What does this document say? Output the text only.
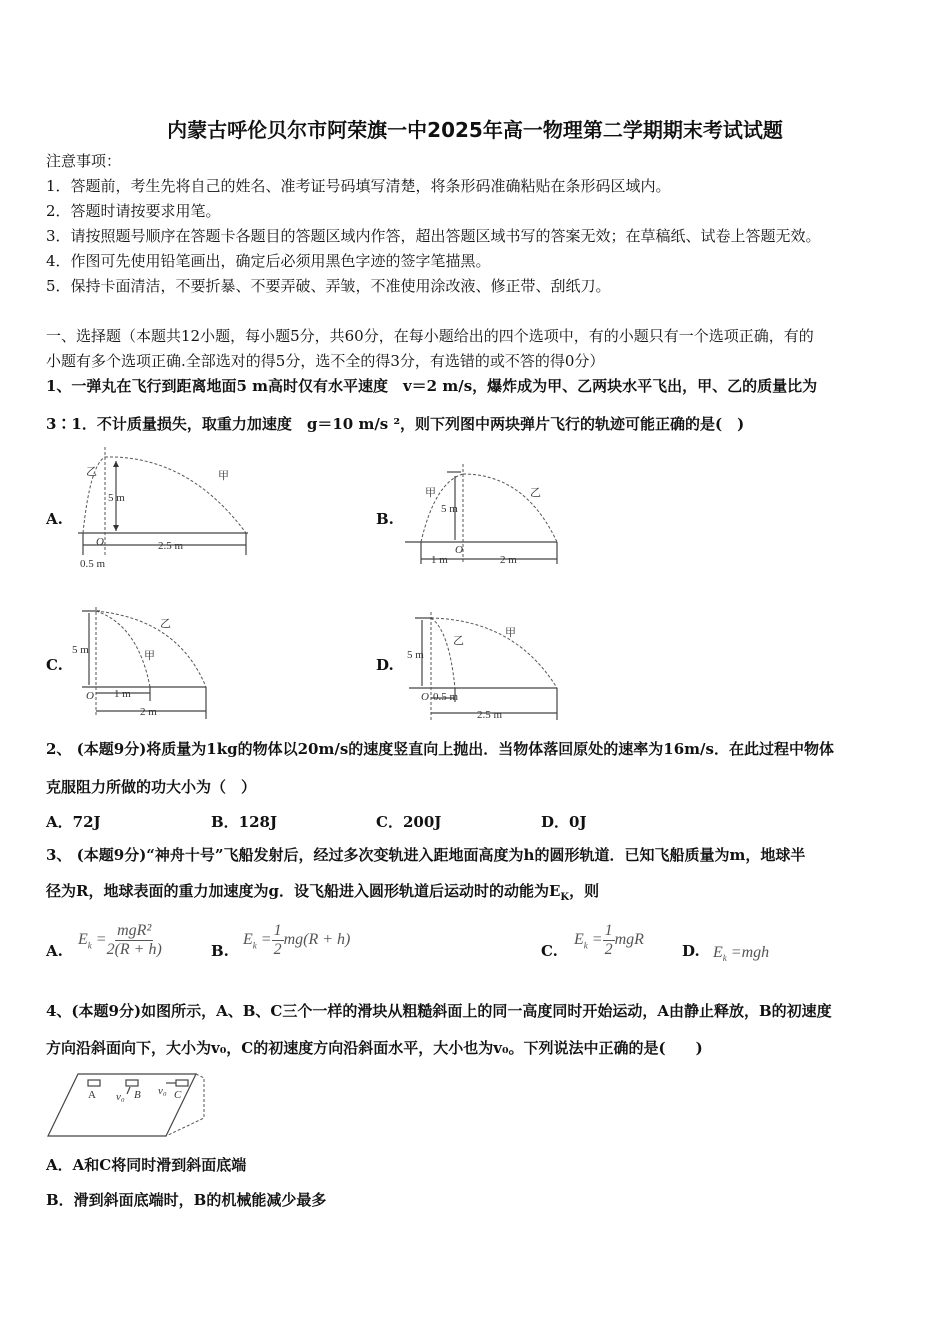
内蒙古呼伦贝尔市阿荣旗一中2025年高一物理第二学期期末考试试题
注意事项：
1．答题前，考生先将自己的姓名、准考证号码填写清楚，将条形码准确粘贴在条形码区域内。
2．答题时请按要求用笔。
3．请按照题号顺序在答题卡各题目的答题区域内作答，超出答题区域书写的答案无效；在草稿纸、试卷上答题无效。
4．作图可先使用铅笔画出，确定后必须用黑色字迹的签字笔描黑。
5．保持卡面清洁，不要折暴、不要弄破、弄皱，不准使用涂改液、修正带、刮纸刀。
一、选择题（本题共12小题，每小题5分，共60分，在每小题给出的四个选项中，有的小题只有一个选项正确，有的
小题有多个选项正确.全部选对的得5分，选不全的得3分，有选错的或不答的得0分）
1、一弹丸在飞行到距离地面5 m高时仅有水平速度　v＝2 m/s，爆炸成为甲、乙两块水平飞出，甲、乙的质量比为
3∶1．不计质量损失，取重力加速度　g＝10 m/s ²，则下列图中两块弹片飞行的轨迹可能正确的是(　)
A.	B.
C.	D.
乙	甲
5 m
O	2.5 m
0.5 m
甲	乙
5 m
O
1 m	2 m
乙
甲
5 m
O 1 m
2 m
乙
甲
5 m
O 0.5 m
2.5 m
2、 (本题9分)将质量为1kg的物体以20m/s的速度竖直向上抛出．当物体落回原处的速率为16m/s．在此过程中物体
克服阻力所做的功大小为（　）
A．72J	B．128J	C．200J	D．0J
3、 (本题9分)“神舟十号”飞船发射后，经过多次变轨进入距地面高度为h的圆形轨道．已知飞船质量为m，地球半
径为R，地球表面的重力加速度为g．设飞船进入圆形轨道后运动时的动能为$E_K$，则
A.
$E_k = \frac{\text{mgR²}}{2(R + h)}$	B.
$E_k = \frac{1}{2} mg(R + h)$
C.
$E_k = \frac{1}{2}$ mgR
D. $E_k =mgh$
4、(本题9分)如图所示，A、B、C三个一样的滑块从粗糙斜面上的同一高度同时开始运动，A由静止释放，B的初速度
方向沿斜面向下，大小为v₀，C的初速度方向沿斜面水平，大小也为v₀。下列说法中正确的是(　　)
A	B	C
v₀	v₀
A．A和C将同时滑到斜面底端
B．滑到斜面底端时，B的机械能减少最多
